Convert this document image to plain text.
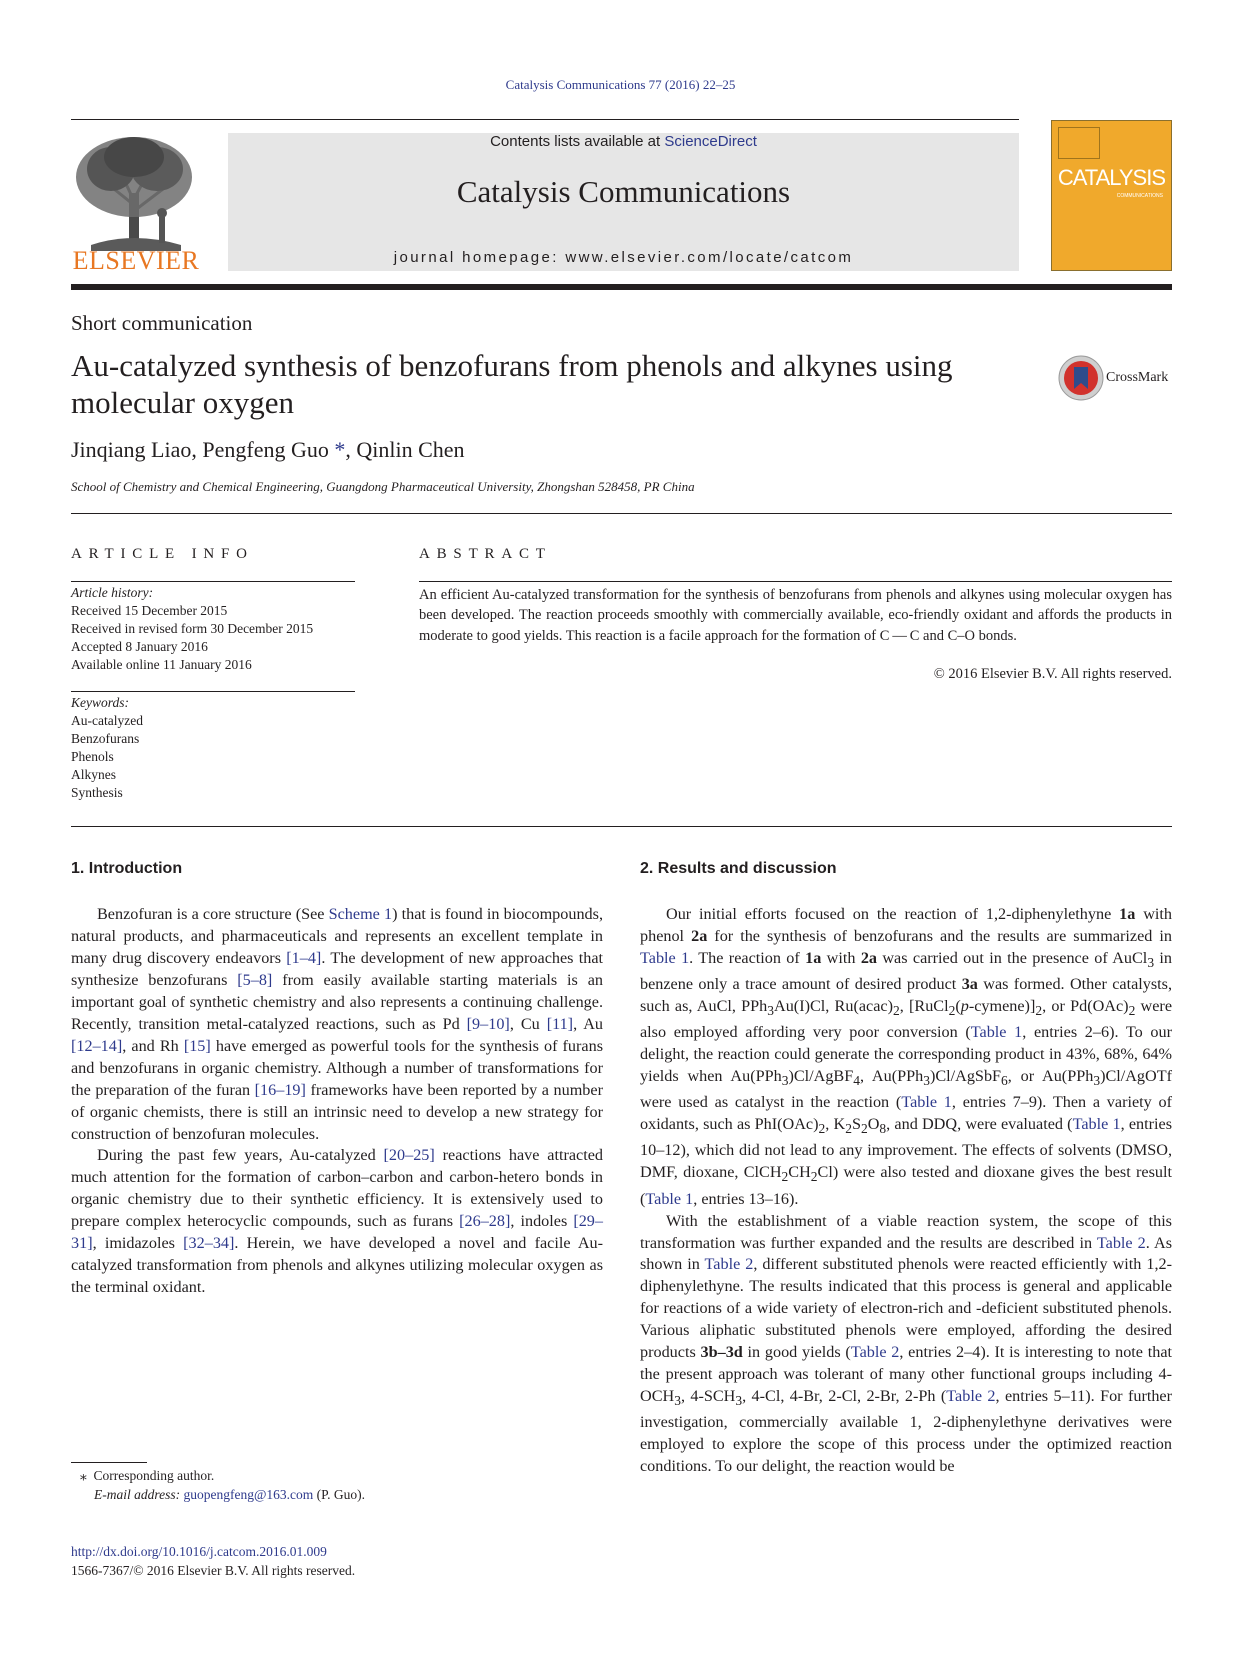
Catalysis Communications 77 (2016) 22–25
ELSEVIER
Contents lists available at ScienceDirect
Catalysis Communications
journal homepage: www.elsevier.com/locate/catcom
CATALYSIS
COMMUNICATIONS
Short communication
Au-catalyzed synthesis of benzofurans from phenols and alkynes using molecular oxygen
CrossMark
Jinqiang Liao, Pengfeng Guo *, Qinlin Chen
School of Chemistry and Chemical Engineering, Guangdong Pharmaceutical University, Zhongshan 528458, PR China
ARTICLE INFO
Article history:
Received 15 December 2015
Received in revised form 30 December 2015
Accepted 8 January 2016
Available online 11 January 2016
Keywords:
Au-catalyzed
Benzofurans
Phenols
Alkynes
Synthesis
ABSTRACT
An efficient Au-catalyzed transformation for the synthesis of benzofurans from phenols and alkynes using molecular oxygen has been developed. The reaction proceeds smoothly with commercially available, eco-friendly oxidant and affords the products in moderate to good yields. This reaction is a facile approach for the formation of C — C and C–O bonds.
© 2016 Elsevier B.V. All rights reserved.
1. Introduction	2. Results and discussion

Benzofuran is a core structure (See Scheme 1) that is found in biocompounds, natural products, and pharmaceuticals and represents an excellent template in many drug discovery endeavors [1–4]. The development of new approaches that synthesize benzofurans [5–8] from easily available starting materials is an important goal of synthetic chemistry and also represents a continuing challenge. Recently, transition metal-catalyzed reactions, such as Pd [9–10], Cu [11], Au [12–14], and Rh [15] have emerged as powerful tools for the synthesis of furans and benzofurans in organic chemistry. Although a number of transformations for the preparation of the furan [16–19] frameworks have been reported by a number of organic chemists, there is still an intrinsic need to develop a new strategy for construction of benzofuran molecules.

During the past few years, Au-catalyzed [20–25] reactions have attracted much attention for the formation of carbon–carbon and carbon-hetero bonds in organic chemistry due to their synthetic efficiency. It is extensively used to prepare complex heterocyclic compounds, such as furans [26–28], indoles [29–31], imidazoles [32–34]. Herein, we have developed a novel and facile Au-catalyzed transformation from phenols and alkynes utilizing molecular oxygen as the terminal oxidant.

Our initial efforts focused on the reaction of 1,2-diphenylethyne 1a with phenol 2a for the synthesis of benzofurans and the results are summarized in Table 1. The reaction of 1a with 2a was carried out in the presence of AuCl$_3$ in benzene only a trace amount of desired product 3a was formed. Other catalysts, such as, AuCl, PPh$_3$Au(I)Cl, $Ru(acac)_2$, $[RuCl_2(p-cymene)]_2$, or $Pd(OAc)_2$ were also employed affording very poor conversion (Table 1, entries 2–6). To our delight, the reaction could generate the corresponding product in 43%, 68%, 64% yields when Au(PPh$_3$)Cl/AgBF$_4$, Au(PPh$_3$)Cl/AgSbF$_6$, or Au(PPh$_3$)Cl/AgOTf were used as catalyst in the reaction (Table 1, entries 7–9). Then a variety of oxidants, such as $PhI(OAc)_2$, $K_2S_2O_8$, and DDQ, were evaluated (Table 1, entries 10–12), which did not lead to any improvement. The effects of solvents (DMSO, DMF, dioxane, $ClCH_2CH_2Cl$) were also tested and dioxane gives the best result (Table 1, entries 13–16).

With the establishment of a viable reaction system, the scope of this transformation was further expanded and the results are described in Table 2. As shown in Table 2, different substituted phenols were reacted efficiently with 1,2-diphenylethyne. The results indicated that this process is general and applicable for reactions of a wide variety of electron-rich and -deficient substituted phenols. Various aliphatic substituted phenols were employed, affording the desired products 3b–3d in good yields (Table 2, entries 2–4). It is interesting to note that the present approach was tolerant of many other functional groups including $4-OCH_3$, $4-SCH_3$, 4-Cl, 4-Br, 2-Cl, 2-Br, 2-Ph (Table 2, entries 5–11). For further investigation, commercially available 1, 2-diphenylethyne derivatives were employed to explore the scope of this process under the optimized reaction conditions. To our delight, the reaction would be

⁎ Corresponding author.
E-mail address: guopengfeng@163.com (P. Guo).
http://dx.doi.org/10.1016/j.catcom.2016.01.009
1566-7367/© 2016 Elsevier B.V. All rights reserved.
